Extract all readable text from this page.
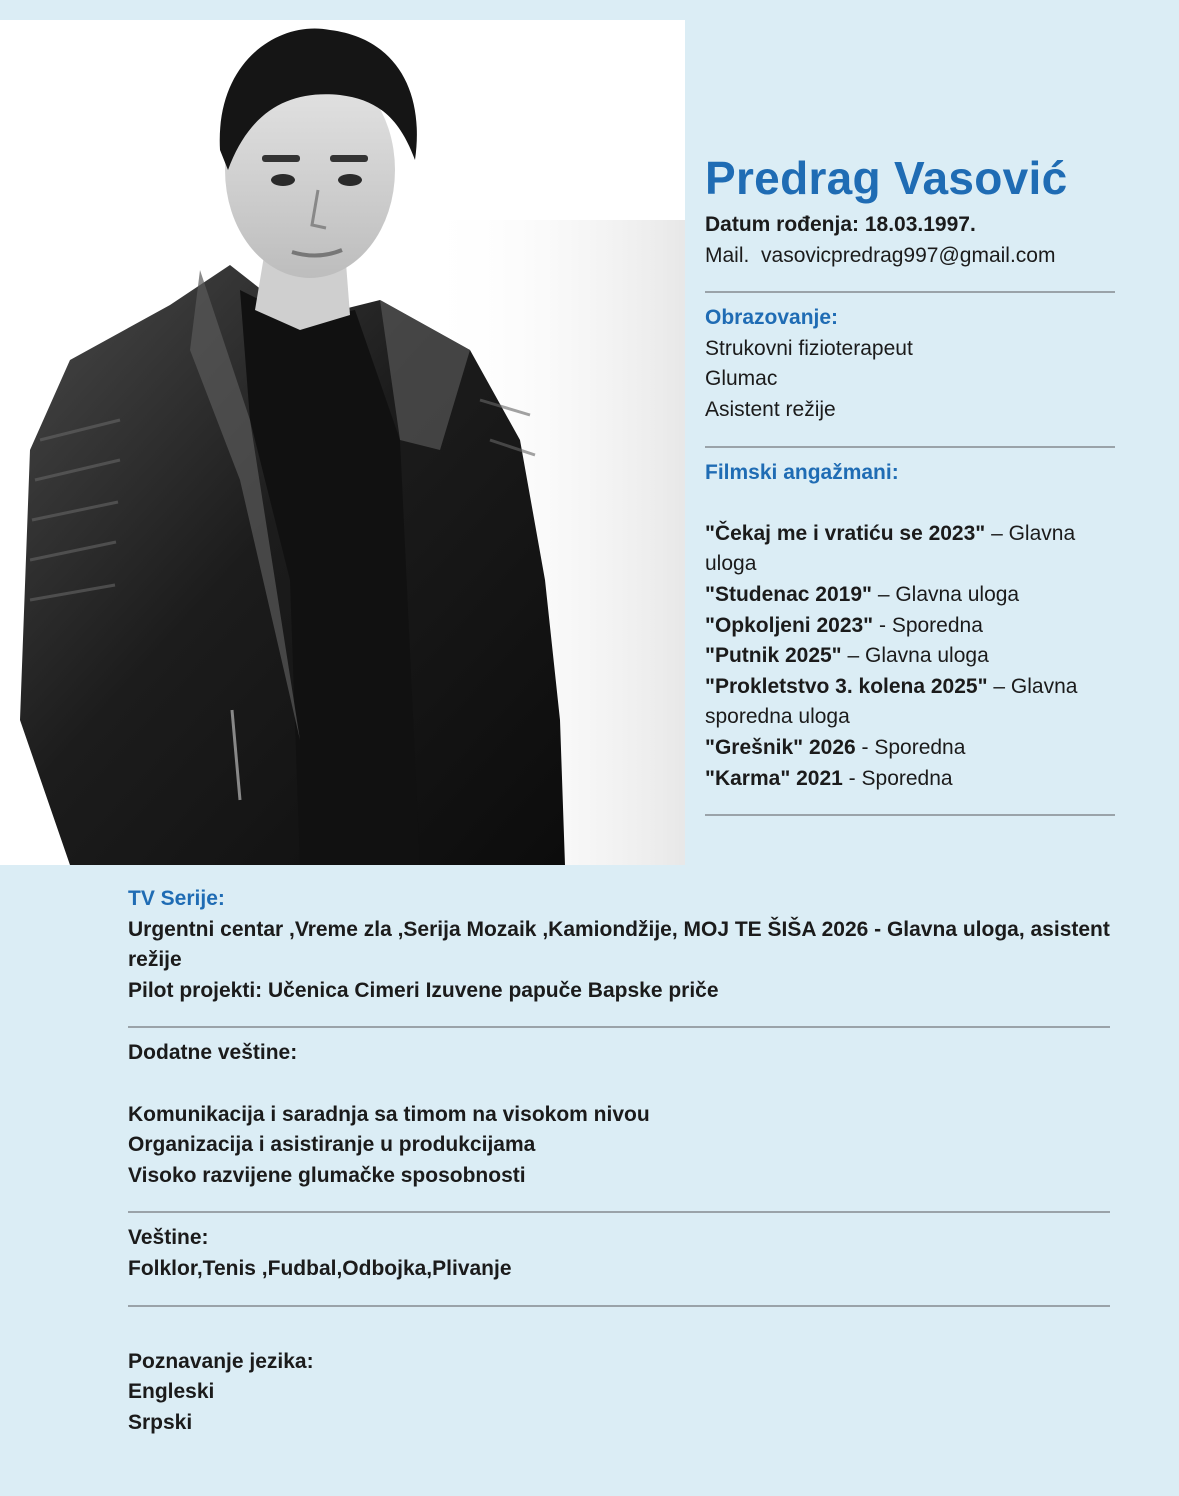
Predrag Vasović
Datum rođenja: 18.03.1997.
Mail. vasovicpredrag997@gmail.com
Obrazovanje:
Strukovni fizioterapeut
Glumac
Asistent režije
Filmski angažmani:
"Čekaj me i vratiću se 2023" – Glavna uloga
"Studenac 2019" – Glavna uloga
"Opkoljeni 2023" - Sporedna
"Putnik 2025" – Glavna uloga
"Prokletstvo 3. kolena 2025" – Glavna sporedna uloga
"Grešnik" 2026 - Sporedna
"Karma" 2021 - Sporedna
TV Serije:
Urgentni centar ,Vreme zla ,Serija Mozaik ,Kamiondžije, MOJ TE ŠIŠA 2026 - Glavna uloga, asistent režije
Pilot projekti: Učenica Cimeri Izuvene papuče Bapske priče
Dodatne veštine:
Komunikacija i saradnja sa timom na visokom nivou
Organizacija i asistiranje u produkcijama
Visoko razvijene glumačke sposobnosti
Veštine:
Folklor,Tenis ,Fudbal,Odbojka,Plivanje
Poznavanje jezika:
Engleski
Srpski
